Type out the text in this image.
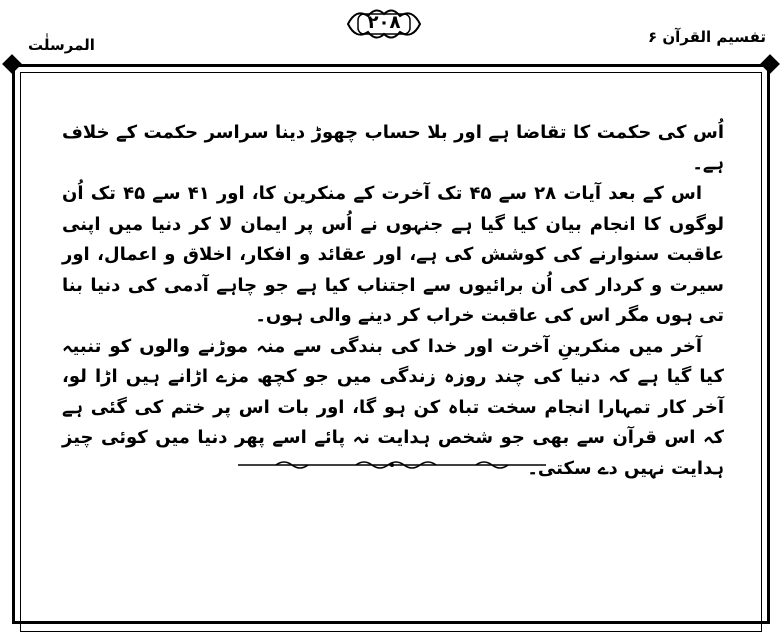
تفسیم القرآن ۶
المرسلٰت
۲۰۸

اُس کی حکمت کا تقاضا ہے اور بلا حساب چھوڑ دینا سراسر حکمت کے خلاف ہے۔

اس کے بعد آیات ۲۸ سے ۴۵ تک آخرت کے منکرین کا، اور ۴۱ سے ۴۵ تک اُن لوگوں کا انجام بیان کیا گیا ہے جنہوں نے اُس پر ایمان لا کر دنیا میں اپنی عاقبت سنوارنے کی کوشش کی ہے، اور عقائد و افکار، اخلاق و اعمال، اور سیرت و کردار کی اُن برائیوں سے اجتناب کیا ہے جو چاہے آدمی کی دنیا بنا تی ہوں مگر اس کی عاقبت خراب کر دینے والی ہوں۔

آخر میں منکرینِ آخرت اور خدا کی بندگی سے منہ موڑنے والوں کو تنبیہ کیا گیا ہے کہ دنیا کی چند روزہ زندگی میں جو کچھ مزے اڑانے ہیں اڑا لو، آخر کار تمہارا انجام سخت تباہ کن ہو گا، اور بات اس پر ختم کی گئی ہے کہ اس قرآن سے بھی جو شخص ہدایت نہ پائے اسے پھر دنیا میں کوئی چیز ہدایت نہیں دے سکتی۔
